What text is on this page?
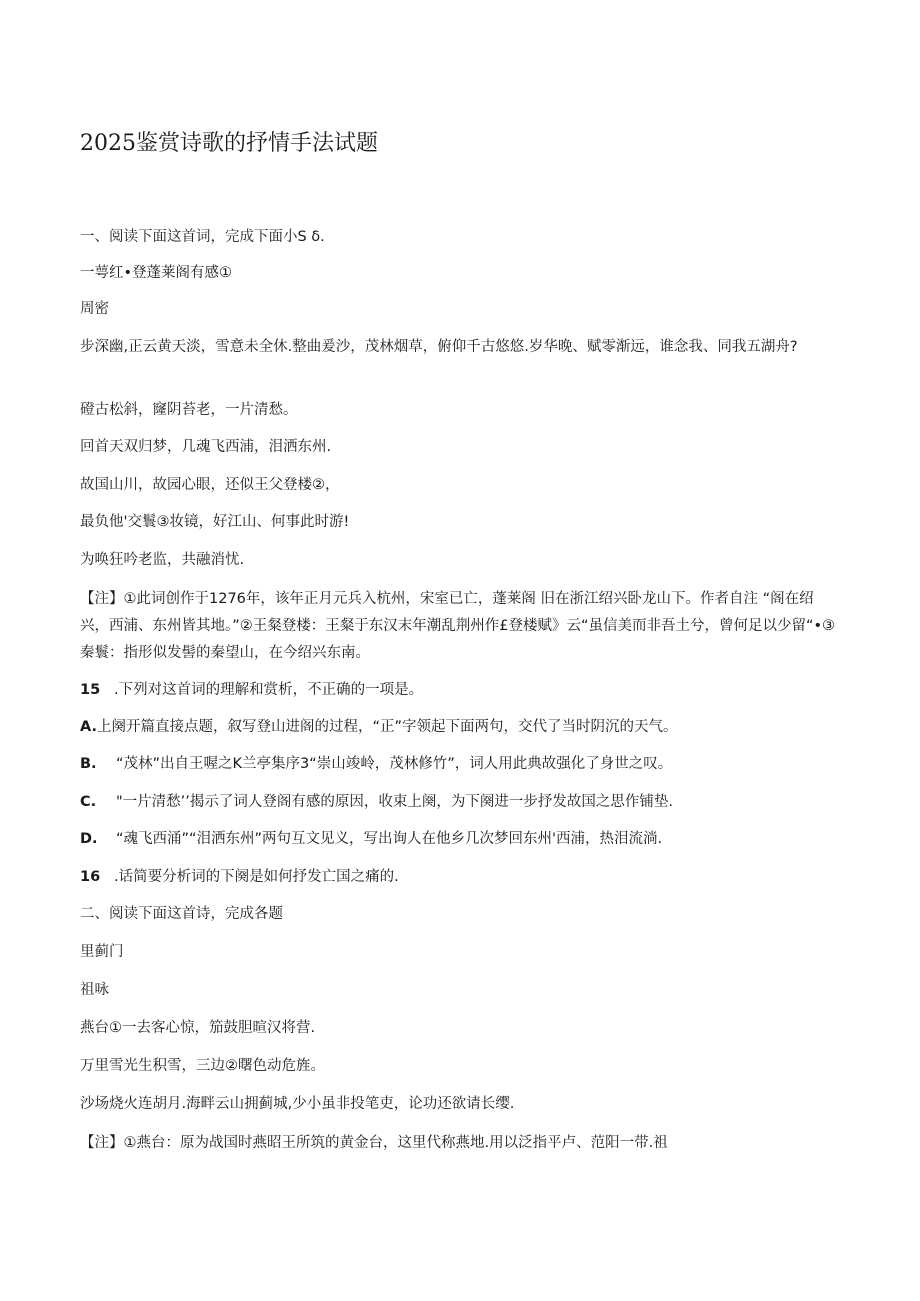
2025鉴赏诗歌的抒情手法试题

一、阅读下面这首词，完成下面小S δ.

一萼红•登蓬莱阁有感①

周密

步深幽,正云黄天淡，雪意未全休.整曲爰沙，茂林烟草，俯仰千古悠悠.岁华晚、赋零渐远，谁念我、同我五湖舟?

磴古松斜，窿阴苔老，一片清愁。

回首天双归梦，几魂飞西浦，泪洒东州.

故国山川，故园心眼，还似王父登楼②，

最负他'交鬟③妆镜，好江山、何事此时游!

为唤狂吟老监，共融消忧.

【注】①此词创作于1276年，该年正月元兵入杭州，宋室已亡，蓬莱阁 旧在浙江绍兴卧龙山下。作者自注 “阁在绍兴，西浦、东州皆其地。”②王粲登楼：王粲于东汉末年潮乱荆州作£登楼赋》云“虽信美而非吾土兮，曾何足以少留“•③秦鬟：指形似发髻的秦望山，在今绍兴东南。

15 .下列对这首词的理解和赏析，不正确的一项是。

A.上阕开篇直接点题，叙写登山进阁的过程，“正”字领起下面两句，交代了当时阴沉的天气。

B. “茂林”出自王喔之K兰亭集序3“崇山竣岭，茂林修竹”，词人用此典故强化了身世之叹。

C. "一片清愁’’揭示了词人登阁有感的原因，收束上阕，为下阕进一步抒发故国之思作铺垫.

D. “魂飞西涌”“泪洒东州”两句互文见义，写出询人在他乡几次梦回东州'西浦，热泪流淌.

16 .话简要分析词的下阕是如何抒发亡国之痛的.

二、阅读下面这首诗，完成各题

里蓟门

祖咏

燕台①一去客心惊，笳鼓胆暄汉将营.

万里雪光生积雪，三边②曙色动危旌。

沙场烧火连胡月.海畔云山拥蓟城,少小虽非投笔吏，论功还欲请长缨.

【注】①燕台：原为战国时燕昭王所筑的黄金台，这里代称燕地.用以泛指平卢、范阳一带.祖
